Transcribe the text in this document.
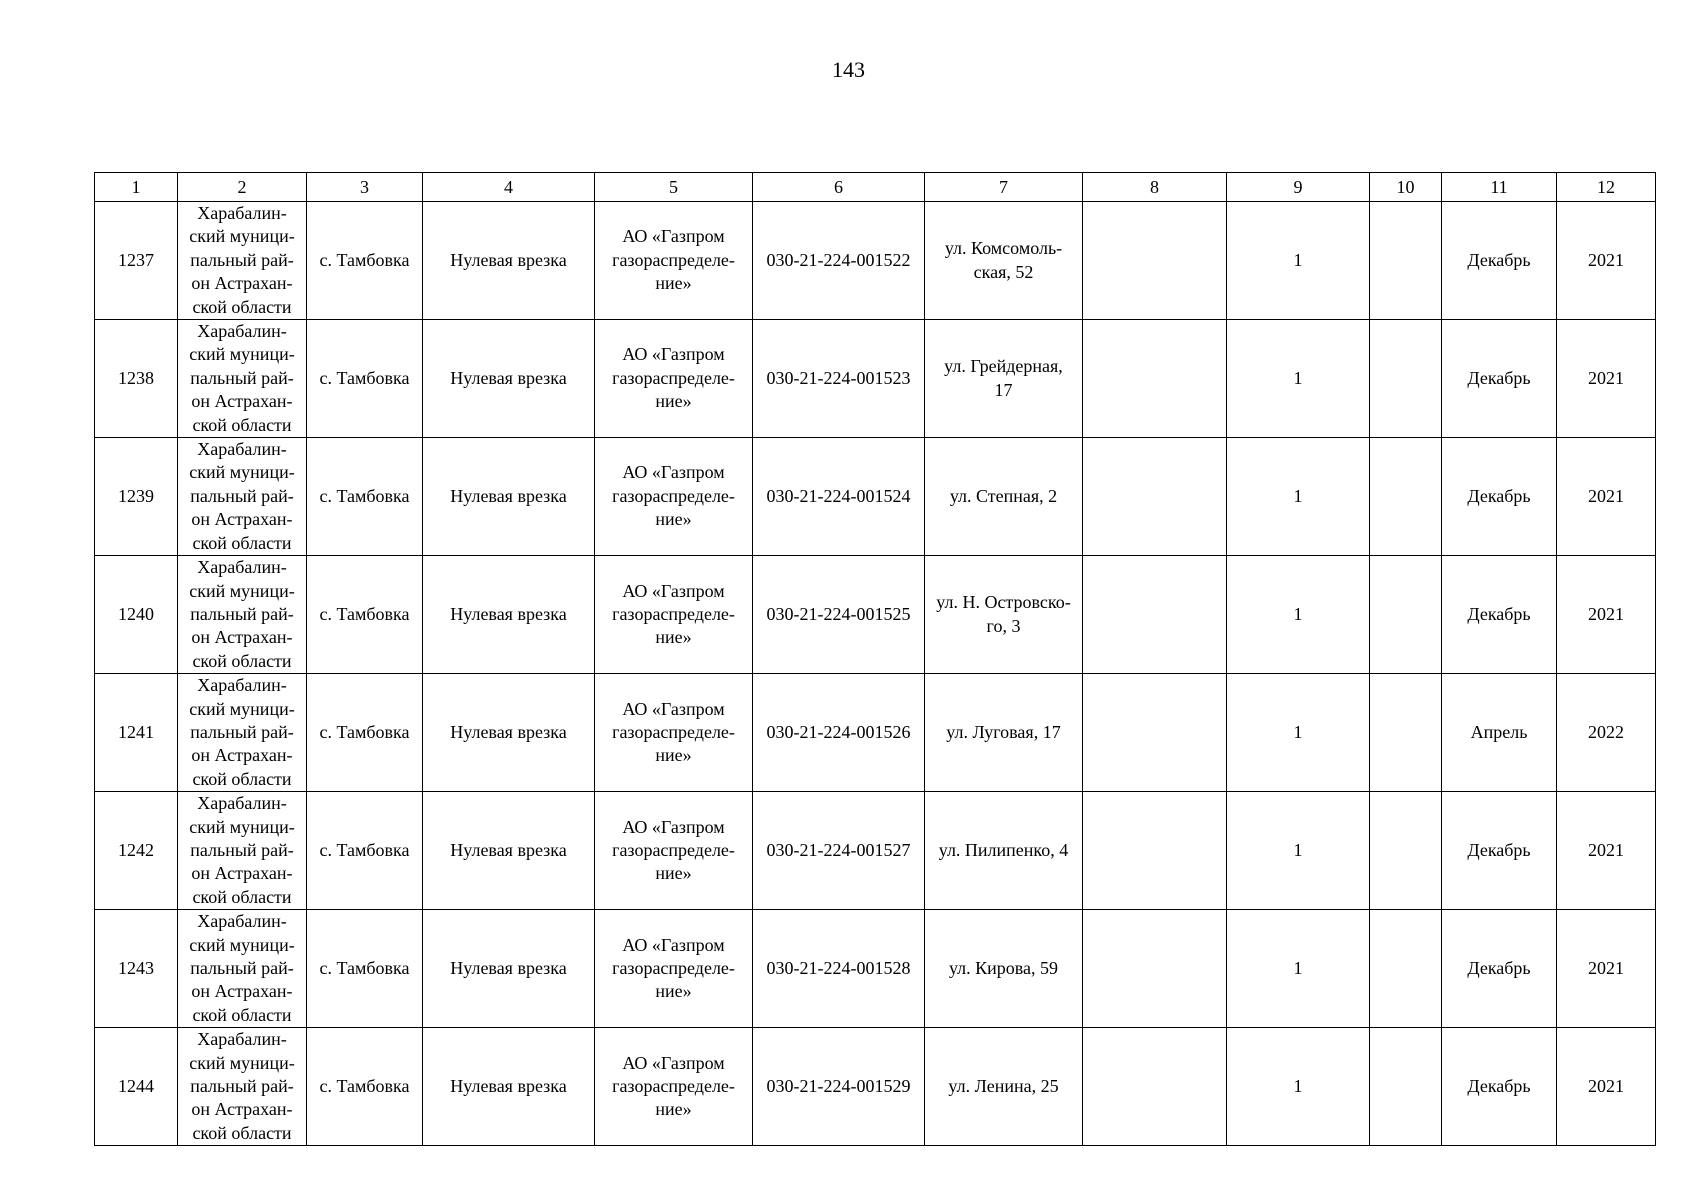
143
1	2	3	4	5	6	7	8	9	10	11	12
1237	Харабалин-
ский муници-
пальный рай-
он Астрахан-
ской области	с. Тамбовка	Нулевая врезка	АО «Газпром
газораспределе-
ние»	030-21-224-001522	ул. Комсомоль-
ская, 52		1		Декабрь	2021
1238	Харабалин-
ский муници-
пальный рай-
он Астрахан-
ской области	с. Тамбовка	Нулевая врезка	АО «Газпром
газораспределе-
ние»	030-21-224-001523	ул. Грейдерная,
17		1		Декабрь	2021
1239	Харабалин-
ский муници-
пальный рай-
он Астрахан-
ской области	с. Тамбовка	Нулевая врезка	АО «Газпром
газораспределе-
ние»	030-21-224-001524	ул. Степная, 2		1		Декабрь	2021
1240	Харабалин-
ский муници-
пальный рай-
он Астрахан-
ской области	с. Тамбовка	Нулевая врезка	АО «Газпром
газораспределе-
ние»	030-21-224-001525	ул. Н. Островско-
го, 3		1		Декабрь	2021
1241	Харабалин-
ский муници-
пальный рай-
он Астрахан-
ской области	с. Тамбовка	Нулевая врезка	АО «Газпром
газораспределе-
ние»	030-21-224-001526	ул. Луговая, 17		1		Апрель	2022
1242	Харабалин-
ский муници-
пальный рай-
он Астрахан-
ской области	с. Тамбовка	Нулевая врезка	АО «Газпром
газораспределе-
ние»	030-21-224-001527	ул. Пилипенко, 4		1		Декабрь	2021
1243	Харабалин-
ский муници-
пальный рай-
он Астрахан-
ской области	с. Тамбовка	Нулевая врезка	АО «Газпром
газораспределе-
ние»	030-21-224-001528	ул. Кирова, 59		1		Декабрь	2021
1244	Харабалин-
ский муници-
пальный рай-
он Астрахан-
ской области	с. Тамбовка	Нулевая врезка	АО «Газпром
газораспределе-
ние»	030-21-224-001529	ул. Ленина, 25		1		Декабрь	2021
